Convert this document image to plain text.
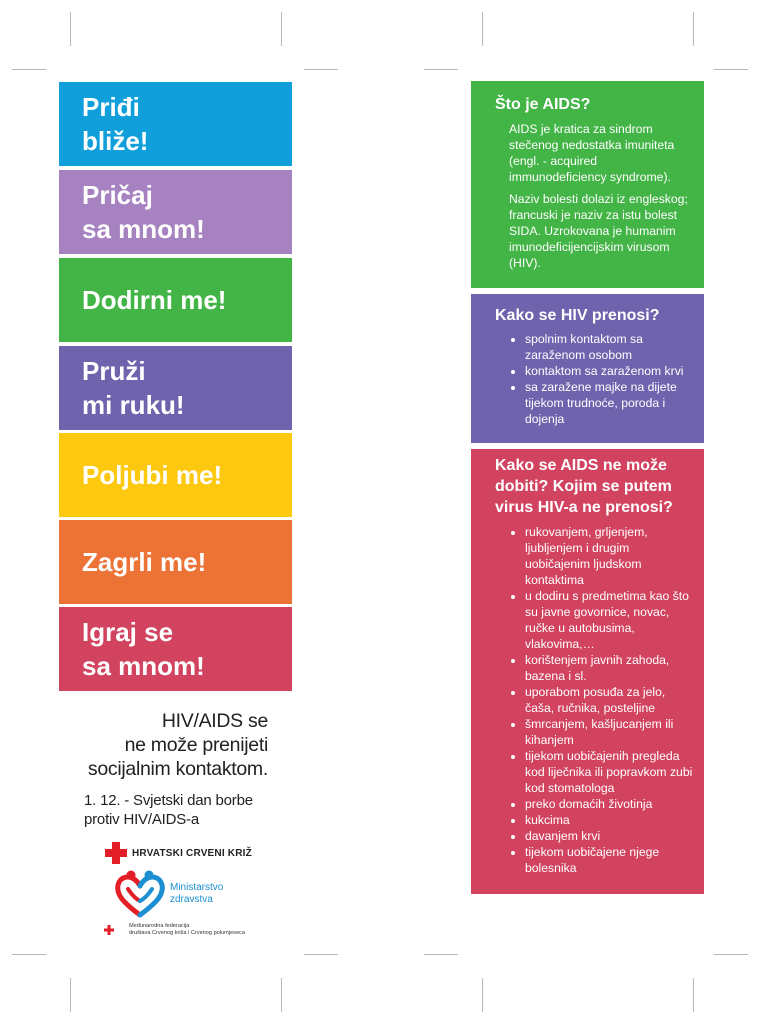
Priđi
bliže!
Pričaj
sa mnom!
Dodirni me!
Pruži
mi ruku!
Poljubi me!
Zagrli me!
Igraj se
sa mnom!
HIV/AIDS se
ne može prenijeti
socijalnim kontaktom.
1. 12. - Svjetski dan borbe
protiv HIV/AIDS-a
HRVATSKI CRVENI KRIŽ
Ministarstvo
zdravstva
Međunarodna federacija
društava Crvenog križa i Crvenog polumjeseca
Što je AIDS?

AIDS je kratica za sindrom stečenog nedostatka imuniteta (engl. - acquired immunodeficiency syndrome).

Naziv bolesti dolazi iz engleskog; francuski je naziv za istu bolest SIDA. Uzrokovana je humanim imunodeficijencijskim virusom (HIV).

Kako se HIV prenosi?
• spolnim kontaktom sa zaraženom osobom
• kontaktom sa zaraženom krvi
• sa zaražene majke na dijete tijekom trudnoće, poroda i dojenja
Kako se AIDS ne može dobiti? Kojim se putem virus HIV-a ne prenosi?
• rukovanjem, grljenjem, ljubljenjem i drugim uobičajenim ljudskom kontaktima
• u dodiru s predmetima kao što su javne govornice, novac, ručke u autobusima, vlakovima,…
• korištenjem javnih zahoda, bazena i sl.
• uporabom posuđa za jelo, čaša, ručnika, posteljine
• šmrcanjem, kašljucanjem ili kihanjem
• tijekom uobičajenih pregleda kod liječnika ili popravkom zubi kod stomatologa
• preko domaćih životinja
• kukcima
• davanjem krvi
• tijekom uobičajene njege bolesnika
